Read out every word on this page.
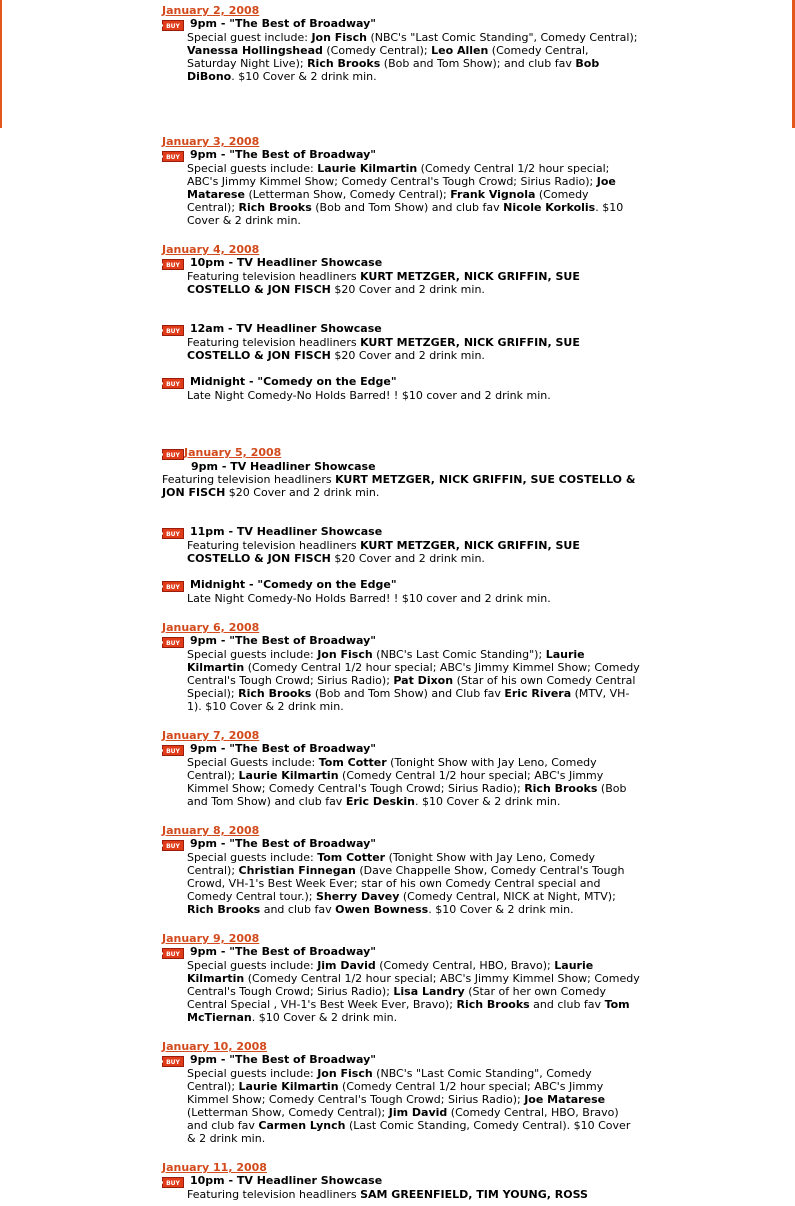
January 2, 2008
BUY 9pm - "The Best of Broadway"
Special guest include: Jon Fisch (NBC's "Last Comic Standing", Comedy Central); Vanessa Hollingshead (Comedy Central); Leo Allen (Comedy Central, Saturday Night Live); Rich Brooks (Bob and Tom Show); and club fav Bob DiBono. $10 Cover & 2 drink min.
January 3, 2008
BUY 9pm - "The Best of Broadway"
Special guests include: Laurie Kilmartin (Comedy Central 1/2 hour special; ABC's Jimmy Kimmel Show; Comedy Central's Tough Crowd; Sirius Radio); Joe Matarese (Letterman Show, Comedy Central); Frank Vignola (Comedy Central); Rich Brooks (Bob and Tom Show) and club fav Nicole Korkolis. $10 Cover & 2 drink min.
January 4, 2008
BUY 10pm - TV Headliner Showcase
Featuring television headliners KURT METZGER, NICK GRIFFIN, SUE COSTELLO & JON FISCH $20 Cover and 2 drink min.
BUY 12am - TV Headliner Showcase
Featuring television headliners KURT METZGER, NICK GRIFFIN, SUE COSTELLO & JON FISCH $20 Cover and 2 drink min.
BUY Midnight - "Comedy on the Edge"
Late Night Comedy-No Holds Barred! ! $10 cover and 2 drink min.
BUY January 5, 2008
9pm - TV Headliner Showcase
Featuring television headliners KURT METZGER, NICK GRIFFIN, SUE COSTELLO & JON FISCH $20 Cover and 2 drink min.
BUY 11pm - TV Headliner Showcase
Featuring television headliners KURT METZGER, NICK GRIFFIN, SUE COSTELLO & JON FISCH $20 Cover and 2 drink min.
BUY Midnight - "Comedy on the Edge"
Late Night Comedy-No Holds Barred! ! $10 cover and 2 drink min.
January 6, 2008
BUY 9pm - "The Best of Broadway"
Special guests include: Jon Fisch (NBC's Last Comic Standing"); Laurie Kilmartin (Comedy Central 1/2 hour special; ABC's Jimmy Kimmel Show; Comedy Central's Tough Crowd; Sirius Radio); Pat Dixon (Star of his own Comedy Central Special); Rich Brooks (Bob and Tom Show) and Club fav Eric Rivera (MTV, VH-1). $10 Cover & 2 drink min.
January 7, 2008
BUY 9pm - "The Best of Broadway"
Special Guests include: Tom Cotter (Tonight Show with Jay Leno, Comedy Central); Laurie Kilmartin (Comedy Central 1/2 hour special; ABC's Jimmy Kimmel Show; Comedy Central's Tough Crowd; Sirius Radio); Rich Brooks (Bob and Tom Show) and club fav Eric Deskin. $10 Cover & 2 drink min.
January 8, 2008
BUY 9pm - "The Best of Broadway"
Special guests include: Tom Cotter (Tonight Show with Jay Leno, Comedy Central); Christian Finnegan (Dave Chappelle Show, Comedy Central's Tough Crowd, VH-1's Best Week Ever; star of his own Comedy Central special and Comedy Central tour.); Sherry Davey (Comedy Central, NICK at Night, MTV); Rich Brooks and club fav Owen Bowness. $10 Cover & 2 drink min.
January 9, 2008
BUY 9pm - "The Best of Broadway"
Special guests include: Jim David (Comedy Central, HBO, Bravo); Laurie Kilmartin (Comedy Central 1/2 hour special; ABC's Jimmy Kimmel Show; Comedy Central's Tough Crowd; Sirius Radio); Lisa Landry (Star of her own Comedy Central Special , VH-1's Best Week Ever, Bravo); Rich Brooks and club fav Tom McTiernan. $10 Cover & 2 drink min.
January 10, 2008
BUY 9pm - "The Best of Broadway"
Special guests include: Jon Fisch (NBC's "Last Comic Standing", Comedy Central); Laurie Kilmartin (Comedy Central 1/2 hour special; ABC's Jimmy Kimmel Show; Comedy Central's Tough Crowd; Sirius Radio); Joe Matarese (Letterman Show, Comedy Central); Jim David (Comedy Central, HBO, Bravo) and club fav Carmen Lynch (Last Comic Standing, Comedy Central). $10 Cover & 2 drink min.
January 11, 2008
BUY 10pm - TV Headliner Showcase
Featuring television headliners SAM GREENFIELD, TIM YOUNG, ROSS
